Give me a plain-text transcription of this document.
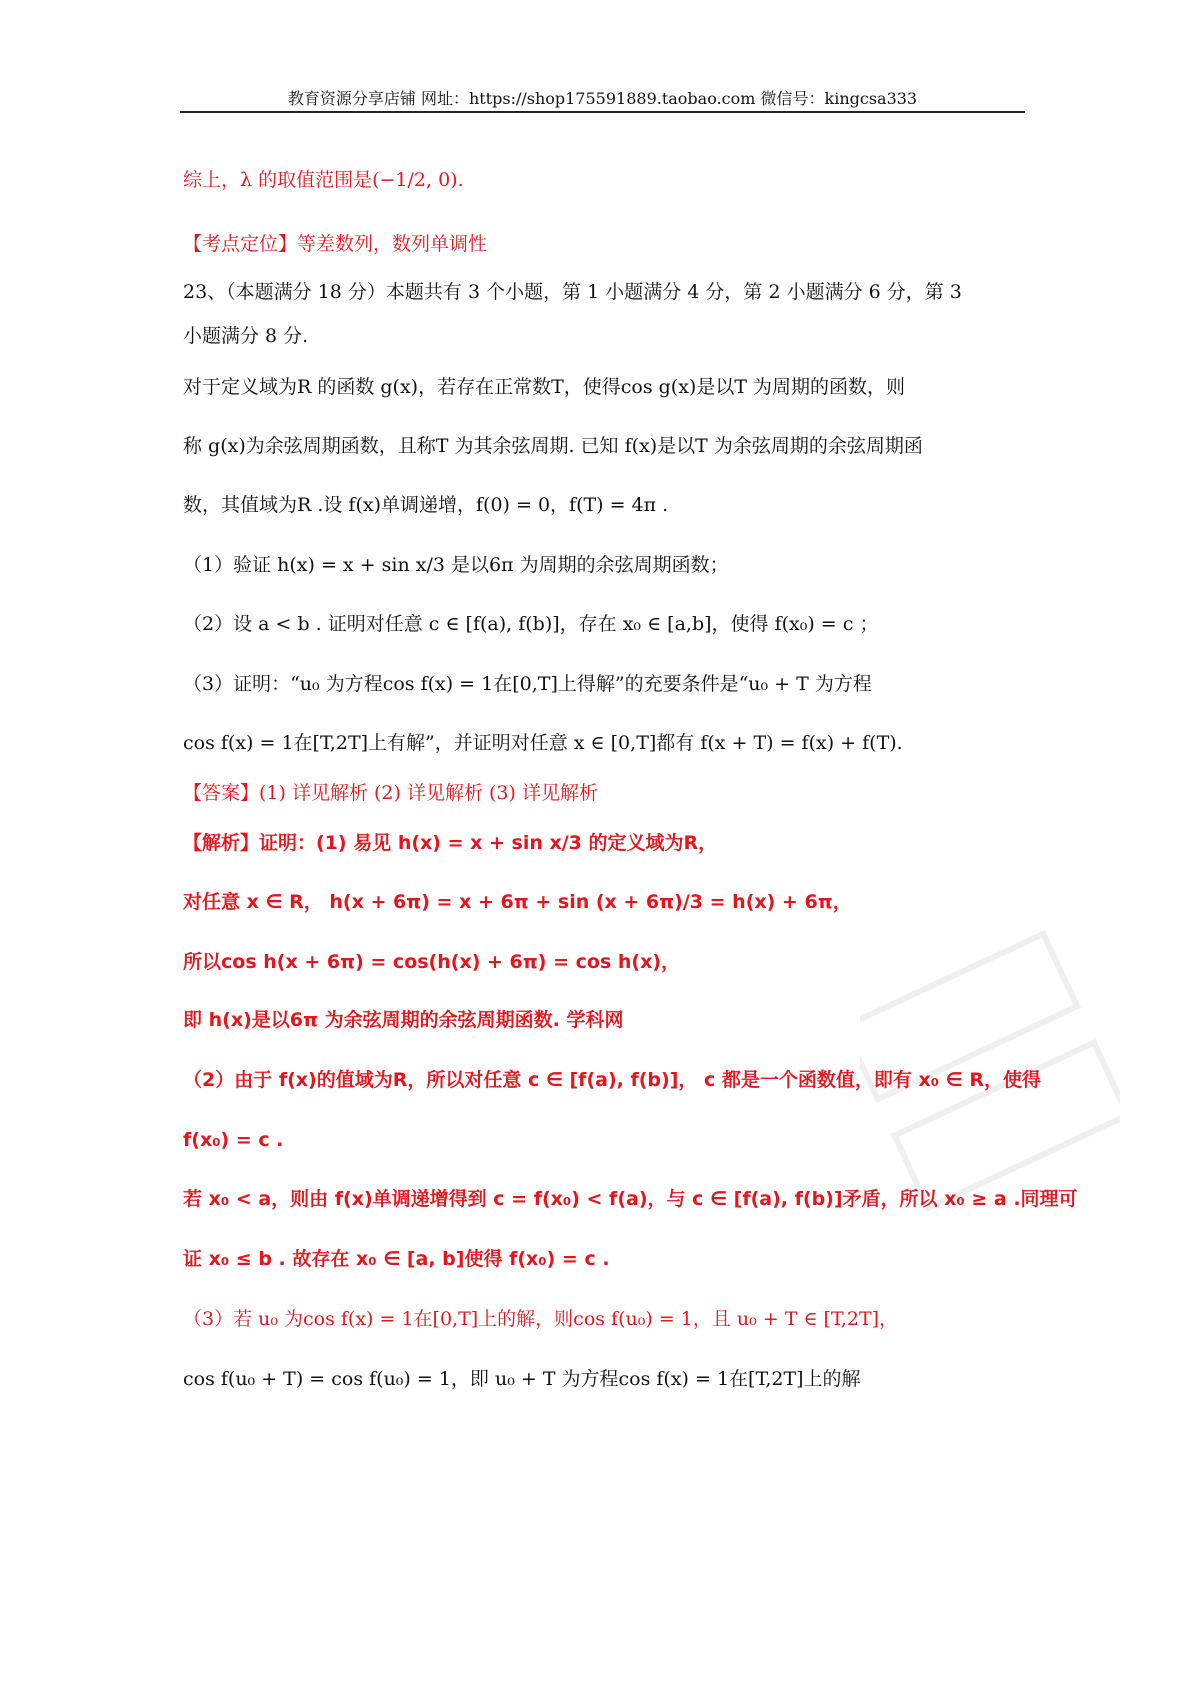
教育资源分享店铺 网址：https://shop175591889.taobao.com 微信号：kingcsa333
综上，λ 的取值范围是(−1/2, 0).
【考点定位】等差数列，数列单调性
23、（本题满分 18 分）本题共有 3 个小题，第 1 小题满分 4 分，第 2 小题满分 6 分，第 3
小题满分 8 分.
对于定义域为R 的函数 g(x)，若存在正常数T，使得cos g(x)是以T 为周期的函数，则
称 g(x)为余弦周期函数，且称T 为其余弦周期. 已知 f(x)是以T 为余弦周期的余弦周期函
数，其值域为R .设 f(x)单调递增，f(0) = 0，f(T) = 4π .
（1）验证 h(x) = x + sin x/3 是以6π 为周期的余弦周期函数；
（2）设 a < b . 证明对任意 c ∈ [f(a), f(b)]，存在 x₀ ∈ [a,b]，使得 f(x₀) = c ；
（3）证明：“u₀ 为方程cos f(x) = 1在[0,T]上得解”的充要条件是“u₀ + T 为方程
cos f(x) = 1在[T,2T]上有解”，并证明对任意 x ∈ [0,T]都有 f(x + T) = f(x) + f(T).
【答案】(1) 详见解析 (2) 详见解析 (3) 详见解析
【解析】证明：(1) 易见 h(x) = x + sin x/3 的定义域为R，
对任意 x ∈ R， h(x + 6π) = x + 6π + sin (x + 6π)/3 = h(x) + 6π，
所以cos h(x + 6π) = cos(h(x) + 6π) = cos h(x)，
即 h(x)是以6π 为余弦周期的余弦周期函数. 学科网
（2）由于 f(x)的值域为R，所以对任意 c ∈ [f(a), f(b)]， c 都是一个函数值，即有 x₀ ∈ R，使得
f(x₀) = c .
若 x₀ < a，则由 f(x)单调递增得到 c = f(x₀) < f(a)，与 c ∈ [f(a), f(b)]矛盾，所以 x₀ ≥ a .同理可
证 x₀ ≤ b . 故存在 x₀ ∈ [a, b]使得 f(x₀) = c .
（3）若 u₀ 为cos f(x) = 1在[0,T]上的解，则cos f(u₀) = 1，且 u₀ + T ∈ [T,2T]，
cos f(u₀ + T) = cos f(u₀) = 1，即 u₀ + T 为方程cos f(x) = 1在[T,2T]上的解
